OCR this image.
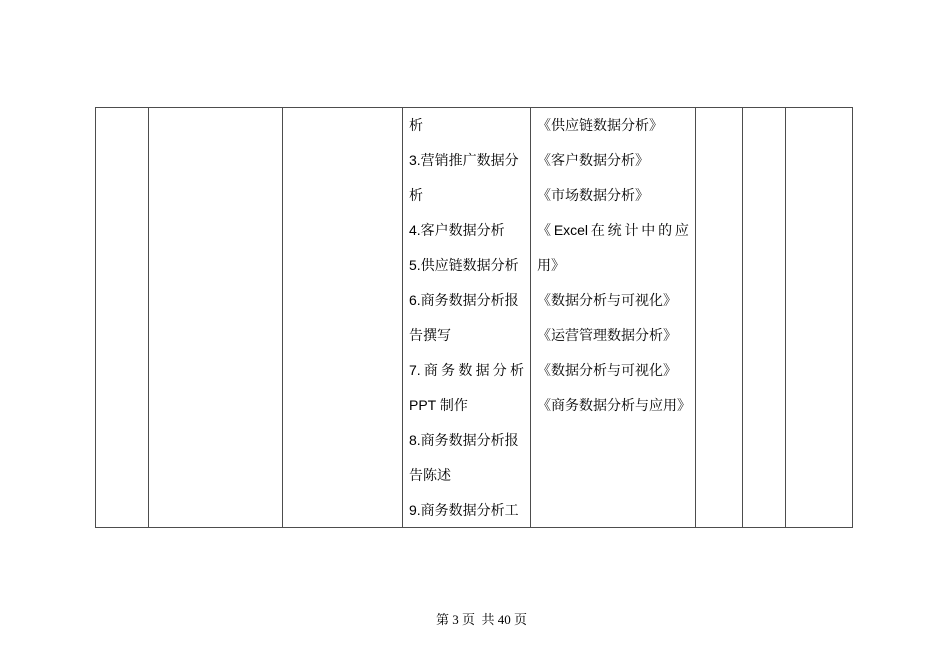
析
3.营销推广数据分
析
4.客户数据分析
5.供应链数据分析
6.商务数据分析报
告撰写
7. 商 务 数 据 分 析
PPT 制作
8.商务数据分析报
告陈述
9.商务数据分析工
《供应链数据分析》
《客户数据分析》
《市场数据分析》
《 Excel 在 统 计 中 的 应
用》
《数据分析与可视化》
《运营管理数据分析》
《数据分析与可视化》
《商务数据分析与应用》

第 3 页  共 40 页
